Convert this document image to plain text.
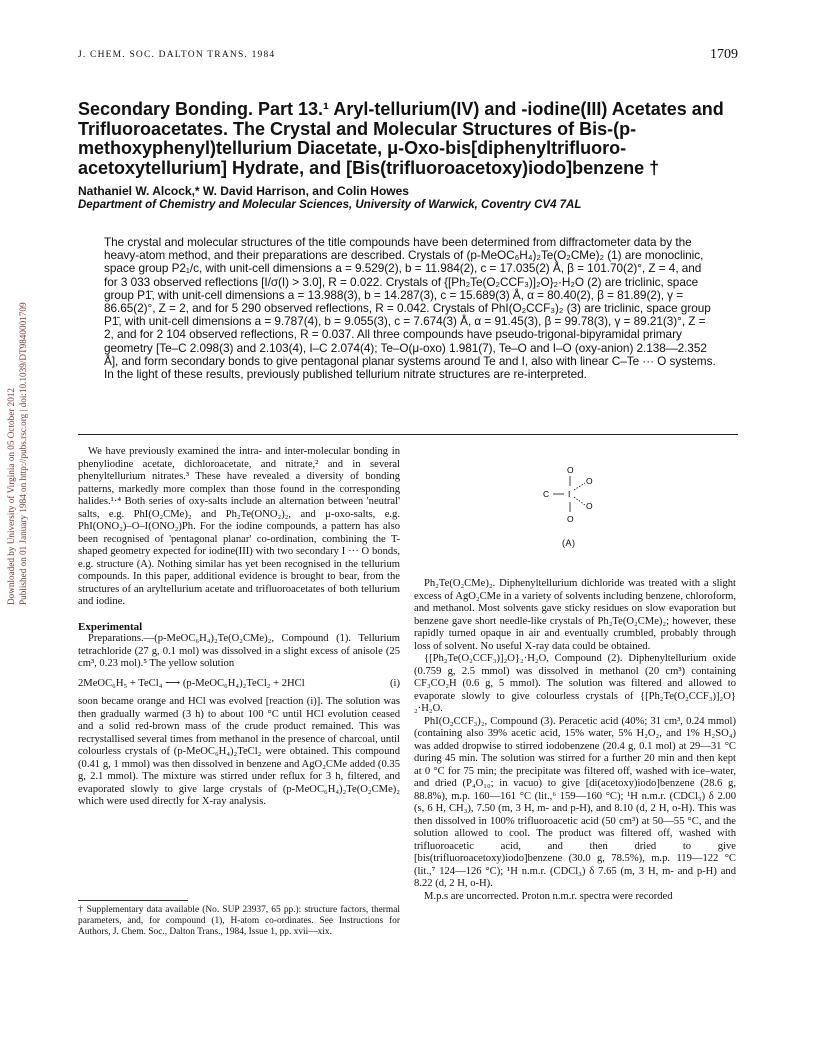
J. CHEM. SOC. DALTON TRANS. 1984	1709
Downloaded by University of Virginia on 05 October 2012 Published on 01 January 1984 on http://pubs.rsc.org | doi:10.1039/DT9840001709
Secondary Bonding. Part 13.¹ Aryl-tellurium(IV) and -iodine(III) Acetates and Trifluoroacetates. The Crystal and Molecular Structures of Bis-(p-methoxyphenyl)tellurium Diacetate, μ-Oxo-bis[diphenyltrifluoro-acetoxytellurium] Hydrate, and [Bis(trifluoroacetoxy)iodo]benzene †
Nathaniel W. Alcock,* W. David Harrison, and Colin Howes
Department of Chemistry and Molecular Sciences, University of Warwick, Coventry CV4 7AL
The crystal and molecular structures of the title compounds have been determined from diffractometer data by the heavy-atom method, and their preparations are described. Crystals of (p-MeOC₆H₄)₂Te(O₂CMe)₂ (1) are monoclinic, space group P2₁/c, with unit-cell dimensions a = 9.529(2), b = 11.984(2), c = 17.035(2) Å, β = 101.70(2)°, Z = 4, and for 3 033 observed reflections [I/σ(I) > 3.0], R = 0.022. Crystals of {[Ph₂Te(O₂CCF₃)]₂O}₂·H₂O (2) are triclinic, space group P1̄, with unit-cell dimensions a = 13.988(3), b = 14.287(3), c = 15.689(3) Å, α = 80.40(2), β = 81.89(2), γ = 86.65(2)°, Z = 2, and for 5 290 observed reflections, R = 0.042. Crystals of PhI(O₂CCF₃)₂ (3) are triclinic, space group P1̄, with unit-cell dimensions a = 9.787(4), b = 9.055(3), c = 7.674(3) Å, α = 91.45(3), β = 99.78(3), γ = 89.21(3)°, Z = 2, and for 2 104 observed reflections, R = 0.037. All three compounds have pseudo-trigonal-bipyramidal primary geometry [Te–C 2.098(3) and 2.103(4), I–C 2.074(4); Te–O(μ-oxo) 1.981(7), Te–O and I–O (oxy-anion) 2.138—2.352 Å], and form secondary bonds to give pentagonal planar systems around Te and I, also with linear C–Te ··· O systems. In the light of these results, previously published tellurium nitrate structures are re-interpreted.

We have previously examined the intra- and inter-molecular bonding in phenyliodine acetate, dichloroacetate, and nitrate,² and in several phenyltellurium nitrates.³ These have revealed a diversity of bonding patterns, markedly more complex than those found in the corresponding halides.¹·⁴ Both series of oxy-salts include an alternation between 'neutral' salts, e.g. PhI(O₂CMe)₂ and Ph₂Te(ONO₂)₂, and μ-oxo-salts, e.g. PhI(ONO₂)–O–I(ONO₂)Ph. For the iodine compounds, a pattern has also been recognised of 'pentagonal planar' co-ordination, combining the T-shaped geometry expected for iodine(III) with two secondary I ··· O bonds, e.g. structure (A). Nothing similar has yet been recognised in the tellurium compounds. In this paper, additional evidence is brought to bear, from the structures of an aryltellurium acetate and trifluoroacetates of both tellurium and iodine.

Experimental

Preparations.—(p-MeOC₆H₄)₂Te(O₂CMe)₂, Compound (1). Tellurium tetrachloride (27 g, 0.1 mol) was dissolved in a slight excess of anisole (25 cm³, 0.23 mol).⁵ The yellow solution

2MeOC₆H₅ + TeCl₄ ⟶ (p-MeOC₆H₄)₂TeCl₂ + 2HCl	(i)

soon became orange and HCl was evolved [reaction (i)]. The solution was then gradually warmed (3 h) to about 100 °C until HCl evolution ceased and a solid red-brown mass of the crude product remained. This was recrystallised several times from methanol in the presence of charcoal, until colourless crystals of (p-MeOC₆H₄)₂TeCl₂ were obtained. This compound (0.41 g, 1 mmol) was then dissolved in benzene and AgO₂CMe added (0.35 g, 2.1 mmol). The mixture was stirred under reflux for 3 h, filtered, and evaporated slowly to give large crystals of (p-MeOC₆H₄)₂Te(O₂CMe)₂ which were used directly for X-ray analysis.

† Supplementary data available (No. SUP 23937, 65 pp.): structure factors, thermal parameters, and, for compound (1), H-atom co-ordinates. See Instructions for Authors, J. Chem. Soc., Dalton Trans., 1984, Issue 1, pp. xvii—xix.
O
O
C I
O
O
(A)

Ph₂Te(O₂CMe)₂. Diphenyltellurium dichloride was treated with a slight excess of AgO₂CMe in a variety of solvents including benzene, chloroform, and methanol. Most solvents gave sticky residues on slow evaporation but benzene gave short needle-like crystals of Ph₂Te(O₂CMe)₂; however, these rapidly turned opaque in air and eventually crumbled, probably through loss of solvent. No useful X-ray data could be obtained.

{[Ph₂Te(O₂CCF₃)]₂O}₂·H₂O, Compound (2). Diphenyltellurium oxide (0.759 g, 2.5 mmol) was dissolved in methanol (20 cm³) containing CF₃CO₂H (0.6 g, 5 mmol). The solution was filtered and allowed to evaporate slowly to give colourless crystals of {[Ph₂Te(O₂CCF₃)]₂O}₂·H₂O.

PhI(O₂CCF₃)₂, Compound (3). Peracetic acid (40%; 31 cm³, 0.24 mmol) (containing also 39% acetic acid, 15% water, 5% H₂O₂, and 1% H₂SO₄) was added dropwise to stirred iodobenzene (20.4 g, 0.1 mol) at 29—31 °C during 45 min. The solution was stirred for a further 20 min and then kept at 0 °C for 75 min; the precipitate was filtered off, washed with ice–water, and dried (P₄O₁₀; in vacuo) to give [di(acetoxy)iodo]benzene (28.6 g, 88.8%), m.p. 160—161 °C (lit.,⁶ 159—160 °C); ¹H n.m.r. (CDCl₃) δ 2.00 (s, 6 H, CH₃), 7.50 (m, 3 H, m- and p-H), and 8.10 (d, 2 H, o-H). This was then dissolved in 100% trifluoroacetic acid (50 cm³) at 50—55 °C, and the solution allowed to cool. The product was filtered off, washed with trifluoroacetic acid, and then dried to give [bis(trifluoroacetoxy)iodo]benzene (30.0 g, 78.5%), m.p. 119—122 °C (lit.,⁷ 124—126 °C); ¹H n.m.r. (CDCl₃) δ 7.65 (m, 3 H, m- and p-H) and 8.22 (d, 2 H, o-H).

M.p.s are uncorrected. Proton n.m.r. spectra were recorded
